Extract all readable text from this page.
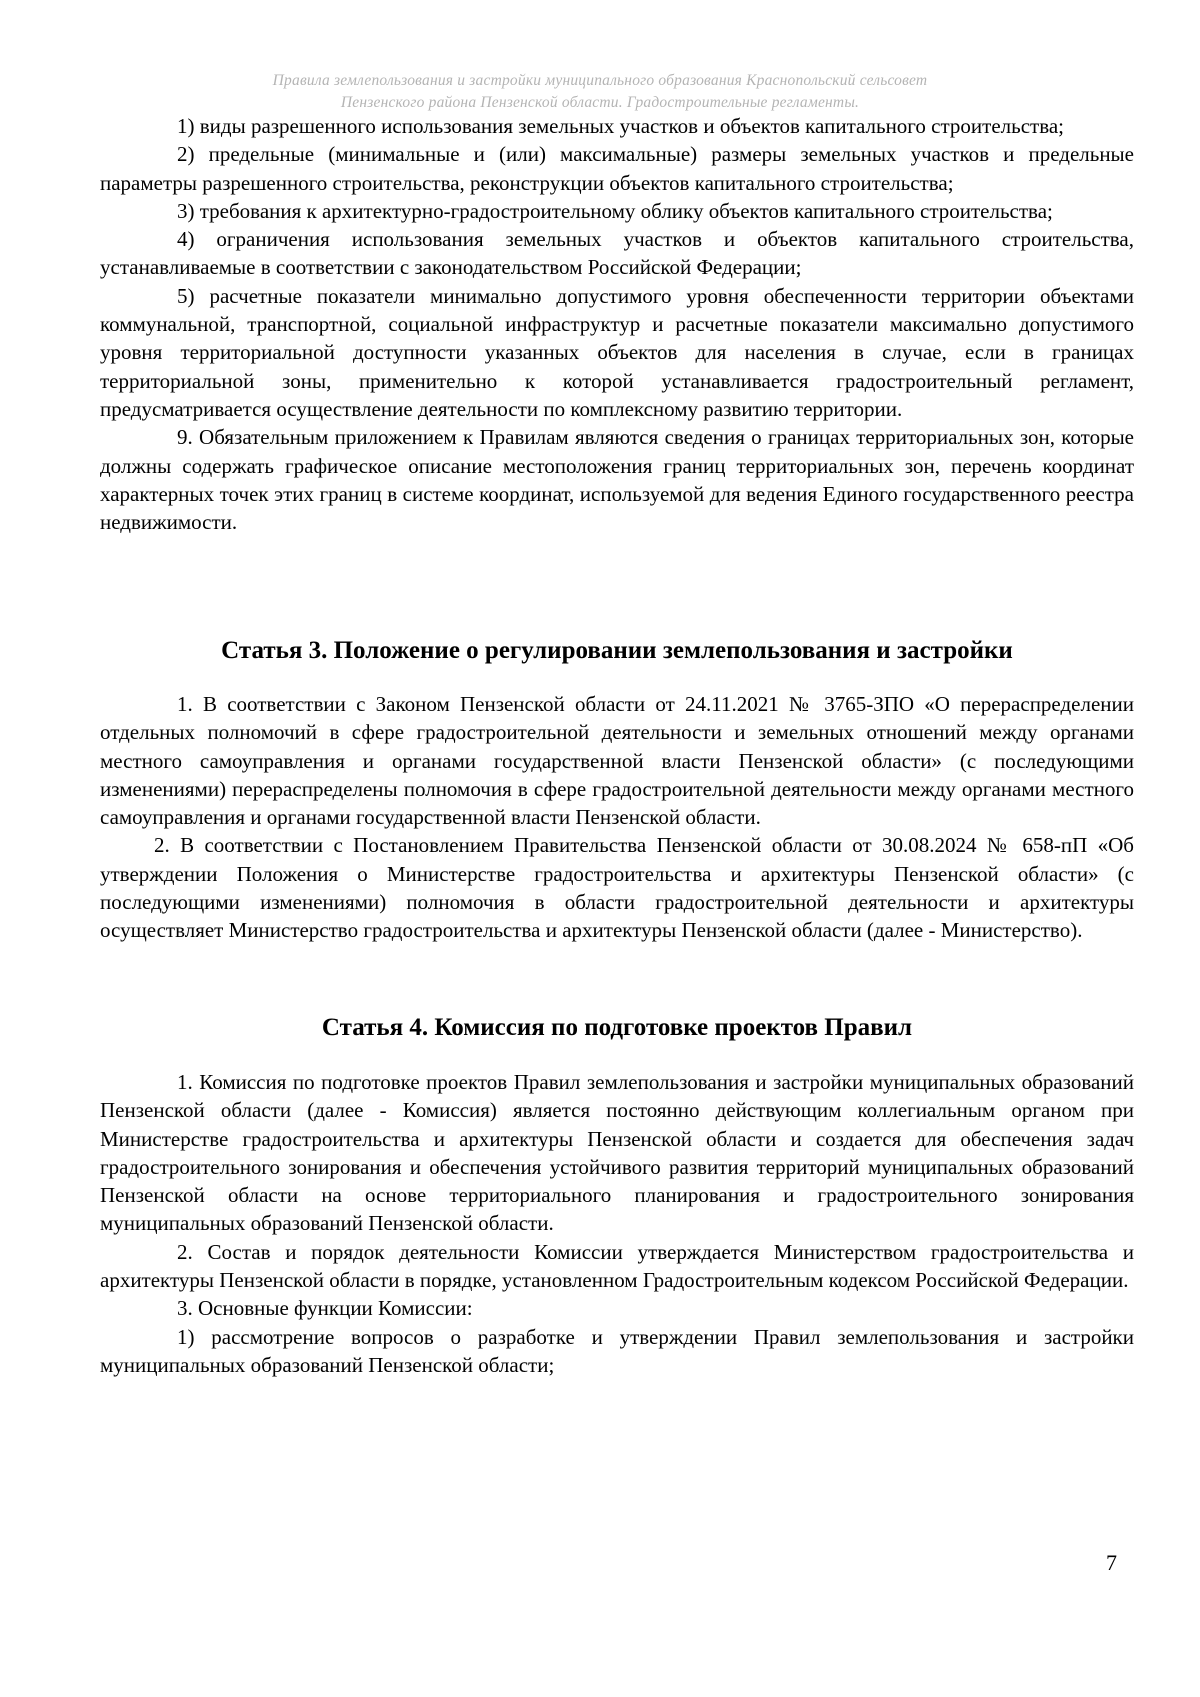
Правила землепользования и застройки муниципального образования Краснопольский сельсовет
Пензенского района Пензенской области. Градостроительные регламенты.

1) виды разрешенного использования земельных участков и объектов капитального строительства;

2) предельные (минимальные и (или) максимальные) размеры земельных участков и предельные параметры разрешенного строительства, реконструкции объектов капитального строительства;

3) требования к архитектурно-градостроительному облику объектов капитального строительства;

4) ограничения использования земельных участков и объектов капитального строительства, устанавливаемые в соответствии с законодательством Российской Федерации;

5) расчетные показатели минимально допустимого уровня обеспеченности территории объектами коммунальной, транспортной, социальной инфраструктур и расчетные показатели максимально допустимого уровня территориальной доступности указанных объектов для населения в случае, если в границах территориальной зоны, применительно к которой устанавливается градостроительный регламент, предусматривается осуществление деятельности по комплексному развитию территории.

9. Обязательным приложением к Правилам являются сведения о границах территориальных зон, которые должны содержать графическое описание местоположения границ территориальных зон, перечень координат характерных точек этих границ в системе координат, используемой для ведения Единого государственного реестра недвижимости.

Статья 3. Положение о регулировании землепользования и застройки

1. В соответствии с Законом Пензенской области от 24.11.2021 № 3765-ЗПО «О перераспределении отдельных полномочий в сфере градостроительной деятельности и земельных отношений между органами местного самоуправления и органами государственной власти Пензенской области» (с последующими изменениями) перераспределены полномочия в сфере градостроительной деятельности между органами местного самоуправления и органами государственной власти Пензенской области.

2. В соответствии с Постановлением Правительства Пензенской области от 30.08.2024 № 658-пП «Об утверждении Положения о Министерстве градостроительства и архитектуры Пензенской области» (с последующими изменениями) полномочия в области градостроительной деятельности и архитектуры осуществляет Министерство градостроительства и архитектуры Пензенской области (далее - Министерство).

Статья 4. Комиссия по подготовке проектов Правил

1. Комиссия по подготовке проектов Правил землепользования и застройки муниципальных образований Пензенской области (далее - Комиссия) является постоянно действующим коллегиальным органом при Министерстве градостроительства и архитектуры Пензенской области и создается для обеспечения задач градостроительного зонирования и обеспечения устойчивого развития территорий муниципальных образований Пензенской области на основе территориального планирования и градостроительного зонирования муниципальных образований Пензенской области.

2. Состав и порядок деятельности Комиссии утверждается Министерством градостроительства и архитектуры Пензенской области в порядке, установленном Градостроительным кодексом Российской Федерации.

3. Основные функции Комиссии:

1) рассмотрение вопросов о разработке и утверждении Правил землепользования и застройки муниципальных образований Пензенской области;

7
